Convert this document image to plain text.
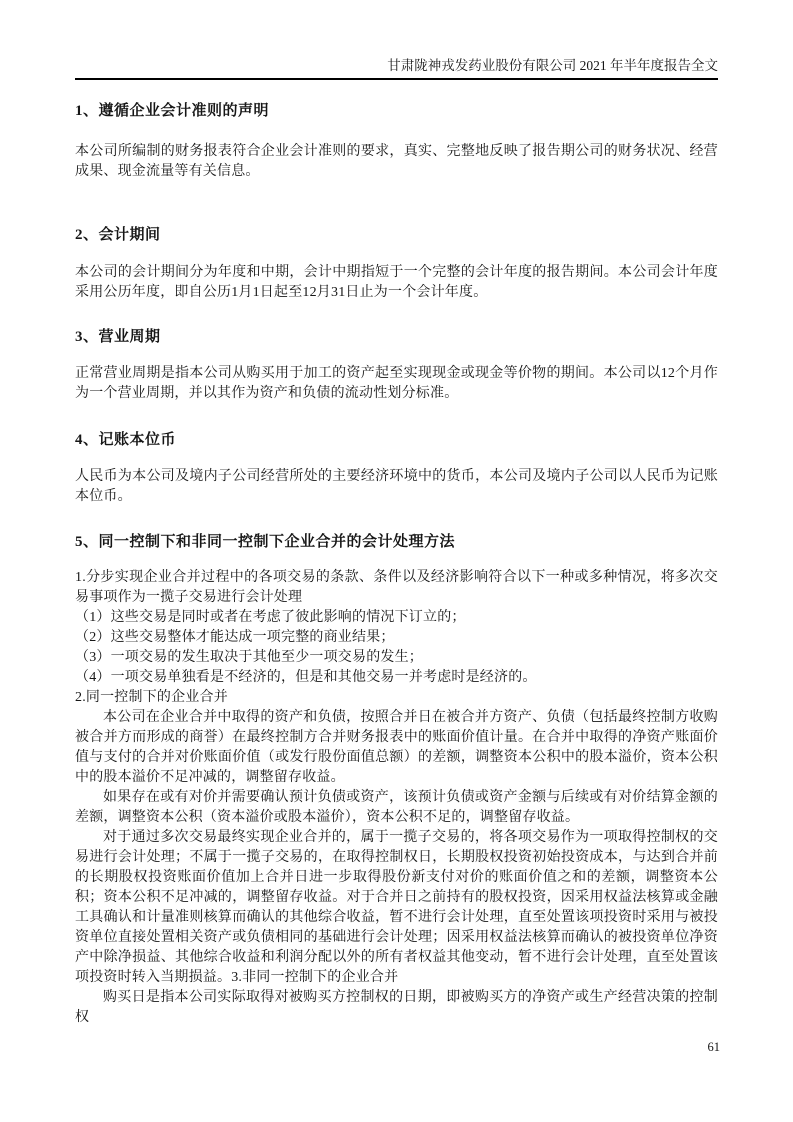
甘肃陇神戎发药业股份有限公司 2021 年半年度报告全文
1、遵循企业会计准则的声明

本公司所编制的财务报表符合企业会计准则的要求，真实、完整地反映了报告期公司的财务状况、经营成果、现金流量等有关信息。

2、会计期间

本公司的会计期间分为年度和中期，会计中期指短于一个完整的会计年度的报告期间。本公司会计年度采用公历年度，即自公历1月1日起至12月31日止为一个会计年度。

3、营业周期

正常营业周期是指本公司从购买用于加工的资产起至实现现金或现金等价物的期间。本公司以12个月作为一个营业周期，并以其作为资产和负债的流动性划分标准。

4、记账本位币

人民币为本公司及境内子公司经营所处的主要经济环境中的货币，本公司及境内子公司以人民币为记账本位币。

5、同一控制下和非同一控制下企业合并的会计处理方法

1.分步实现企业合并过程中的各项交易的条款、条件以及经济影响符合以下一种或多种情况，将多次交易事项作为一揽子交易进行会计处理

（1）这些交易是同时或者在考虑了彼此影响的情况下订立的；

（2）这些交易整体才能达成一项完整的商业结果；

（3）一项交易的发生取决于其他至少一项交易的发生；

（4）一项交易单独看是不经济的，但是和其他交易一并考虑时是经济的。

2.同一控制下的企业合并

本公司在企业合并中取得的资产和负债，按照合并日在被合并方资产、负债（包括最终控制方收购被合并方而形成的商誉）在最终控制方合并财务报表中的账面价值计量。在合并中取得的净资产账面价值与支付的合并对价账面价值（或发行股份面值总额）的差额，调整资本公积中的股本溢价，资本公积中的股本溢价不足冲减的，调整留存收益。

如果存在或有对价并需要确认预计负债或资产，该预计负债或资产金额与后续或有对价结算金额的差额，调整资本公积（资本溢价或股本溢价），资本公积不足的，调整留存收益。

对于通过多次交易最终实现企业合并的，属于一揽子交易的，将各项交易作为一项取得控制权的交易进行会计处理；不属于一揽子交易的，在取得控制权日，长期股权投资初始投资成本，与达到合并前的长期股权投资账面价值加上合并日进一步取得股份新支付对价的账面价值之和的差额，调整资本公积；资本公积不足冲减的，调整留存收益。对于合并日之前持有的股权投资，因采用权益法核算或金融工具确认和计量准则核算而确认的其他综合收益，暂不进行会计处理，直至处置该项投资时采用与被投资单位直接处置相关资产或负债相同的基础进行会计处理；因采用权益法核算而确认的被投资单位净资产中除净损益、其他综合收益和利润分配以外的所有者权益其他变动，暂不进行会计处理，直至处置该项投资时转入当期损益。3.非同一控制下的企业合并

购买日是指本公司实际取得对被购买方控制权的日期，即被购买方的净资产或生产经营决策的控制权

61
